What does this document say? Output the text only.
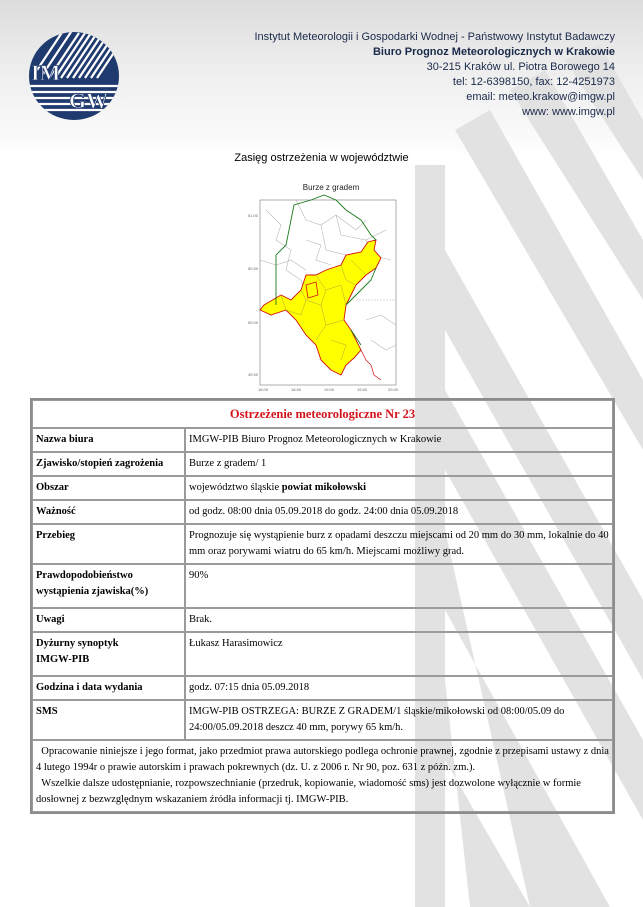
IM
GW
Instytut Meteorologii i Gospodarki Wodnej - Państwowy Instytut Badawczy
Biuro Prognoz Meteorologicznych w Krakowie
30-215 Kraków ul. Piotra Borowego 14
tel: 12-6398150, fax: 12-4251973
email: meteo.krakow@imgw.pl
www: www.imgw.pl
Zasięg ostrzeżenia w województwie
Burze z gradem
51.00
50.50
50.00
49.50
18.00	18.50	19.00	19.50	20.00
Ostrzeżenie meteorologiczne Nr 23	
Nazwa biura	IMGW-PIB Biuro Prognoz Meteorologicznych w Krakowie
Zjawisko/stopień zagrożenia	Burze z gradem/ 1
Obszar	województwo śląskie powiat mikołowski
Ważność	od godz. 08:00 dnia 05.09.2018 do godz. 24:00 dnia 05.09.2018
Przebieg	Prognozuje się wystąpienie burz z opadami deszczu miejscami od 20 mm do 30 mm, lokalnie do 40 mm oraz porywami wiatru do 65 km/h. Miejscami możliwy grad.
Prawdopodobieństwo wystąpienia zjawiska(%)	90%
Uwagi	Brak.
Dyżurny synoptyk
IMGW-PIB	Łukasz Harasimowicz
Godzina i data wydania	godz. 07:15 dnia 05.09.2018
SMS	IMGW-PIB OSTRZEGA: BURZE Z GRADEM/1 śląskie/mikołowski od 08:00/05.09 do 24:00/05.09.2018 deszcz 40 mm, porywy 65 km/h.
Opracowanie niniejsze i jego format, jako przedmiot prawa autorskiego podlega ochronie prawnej, zgodnie z przepisami ustawy z dnia 4 lutego 1994r o prawie autorskim i prawach pokrewnych (dz. U. z 2006 r. Nr 90, poz. 631 z późn. zm.).
Wszelkie dalsze udostępnianie, rozpowszechnianie (przedruk, kopiowanie, wiadomość sms) jest dozwolone wyłącznie w formie dosłownej z bezwzględnym wskazaniem źródła informacji tj. IMGW-PIB.	
